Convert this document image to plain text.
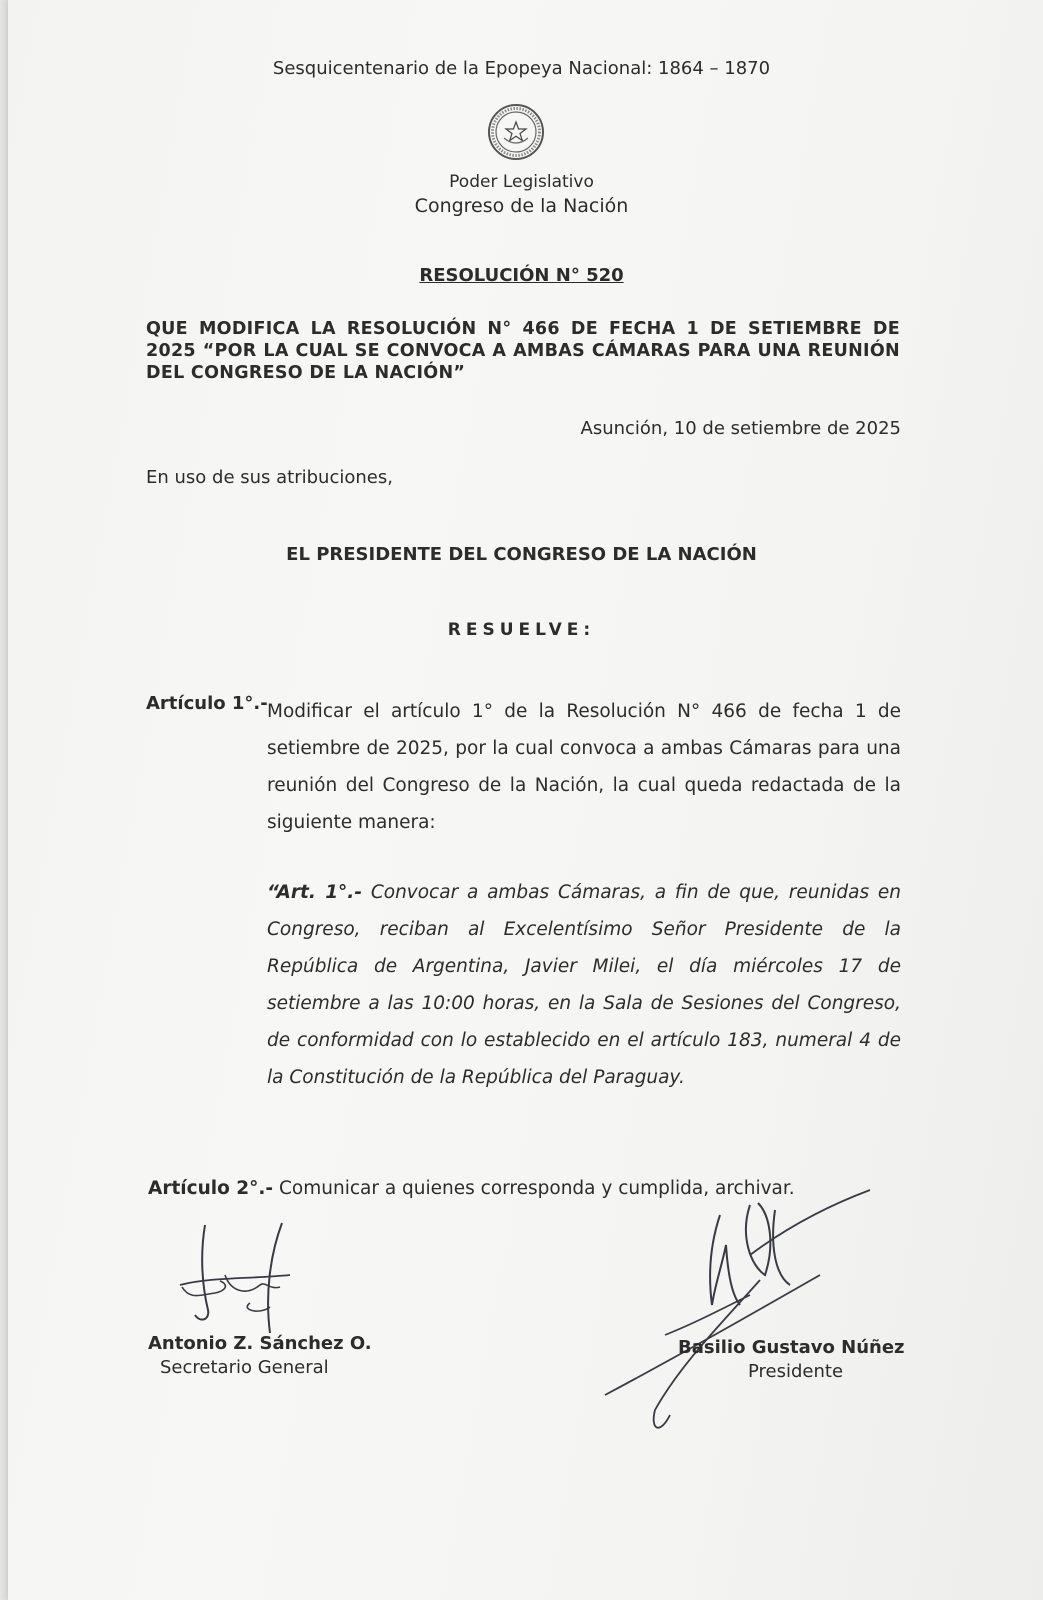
Sesquicentenario de la Epopeya Nacional: 1864 – 1870
Poder Legislativo
Congreso de la Nación
RESOLUCIÓN N° 520
QUE MODIFICA LA RESOLUCIÓN N° 466 DE FECHA 1 DE SETIEMBRE DE 2025 “POR LA CUAL SE CONVOCA A AMBAS CÁMARAS PARA UNA REUNIÓN DEL CONGRESO DE LA NACIÓN”
Asunción, 10 de setiembre de 2025
En uso de sus atribuciones,
EL PRESIDENTE DEL CONGRESO DE LA NACIÓN
RESUELVE:
Artículo 1°.- Modificar el artículo 1° de la Resolución N° 466 de fecha 1 de setiembre de 2025, por la cual convoca a ambas Cámaras para una reunión del Congreso de la Nación, la cual queda redactada de la siguiente manera:
“Art. 1°.- Convocar a ambas Cámaras, a fin de que, reunidas en Congreso, reciban al Excelentísimo Señor Presidente de la República de Argentina, Javier Milei, el día miércoles 17 de setiembre a las 10:00 horas, en la Sala de Sesiones del Congreso, de conformidad con lo establecido en el artículo 183, numeral 4 de la Constitución de la República del Paraguay.
Artículo 2°.- Comunicar a quienes corresponda y cumplida, archivar.
Antonio Z. Sánchez O.
Secretario General
Basilio Gustavo Núñez
Presidente
